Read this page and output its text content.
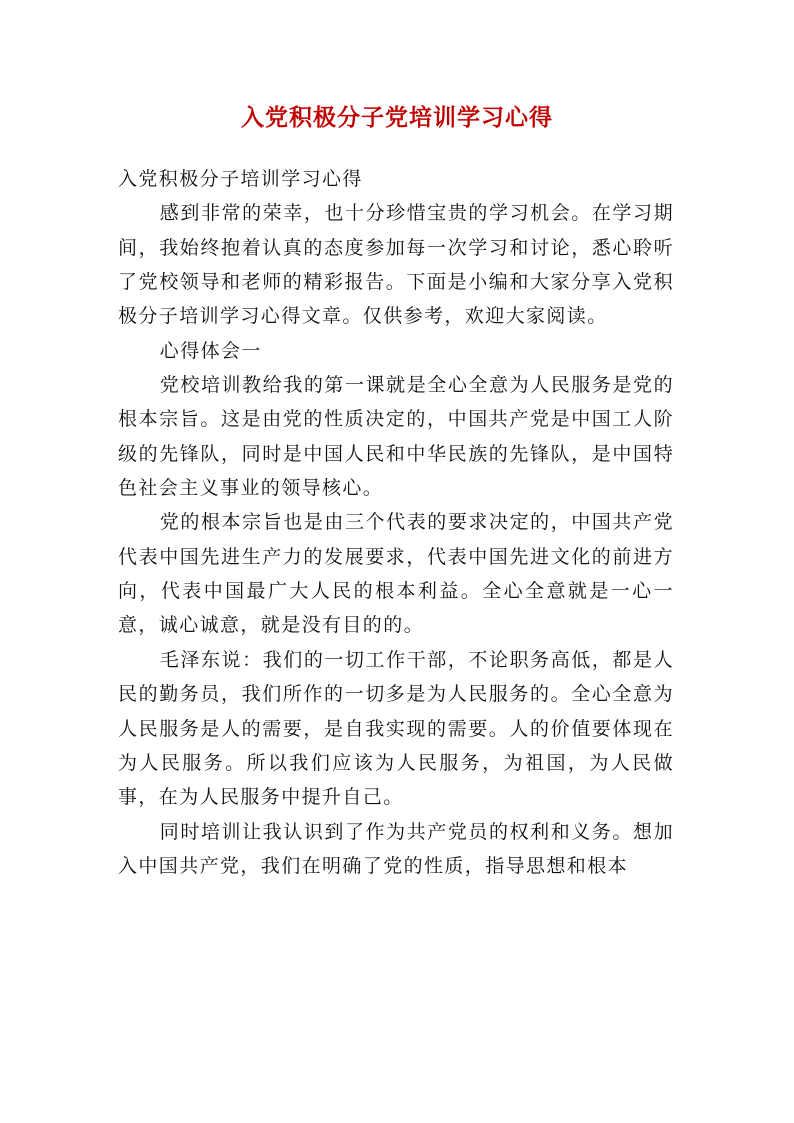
入党积极分子党培训学习心得

入党积极分子培训学习心得

感到非常的荣幸，也十分珍惜宝贵的学习机会。在学习期间，我始终抱着认真的态度参加每一次学习和讨论，悉心聆听了党校领导和老师的精彩报告。下面是小编和大家分享入党积极分子培训学习心得文章。仅供参考，欢迎大家阅读。

心得体会一

党校培训教给我的第一课就是全心全意为人民服务是党的根本宗旨。这是由党的性质决定的，中国共产党是中国工人阶级的先锋队，同时是中国人民和中华民族的先锋队，是中国特色社会主义事业的领导核心。

党的根本宗旨也是由三个代表的要求决定的，中国共产党代表中国先进生产力的发展要求，代表中国先进文化的前进方向，代表中国最广大人民的根本利益。全心全意就是一心一意，诚心诚意，就是没有目的的。

毛泽东说：我们的一切工作干部，不论职务高低，都是人民的勤务员，我们所作的一切多是为人民服务的。全心全意为人民服务是人的需要，是自我实现的需要。人的价值要体现在为人民服务。所以我们应该为人民服务，为祖国，为人民做事，在为人民服务中提升自己。

同时培训让我认识到了作为共产党员的权利和义务。想加入中国共产党，我们在明确了党的性质，指导思想和根本
